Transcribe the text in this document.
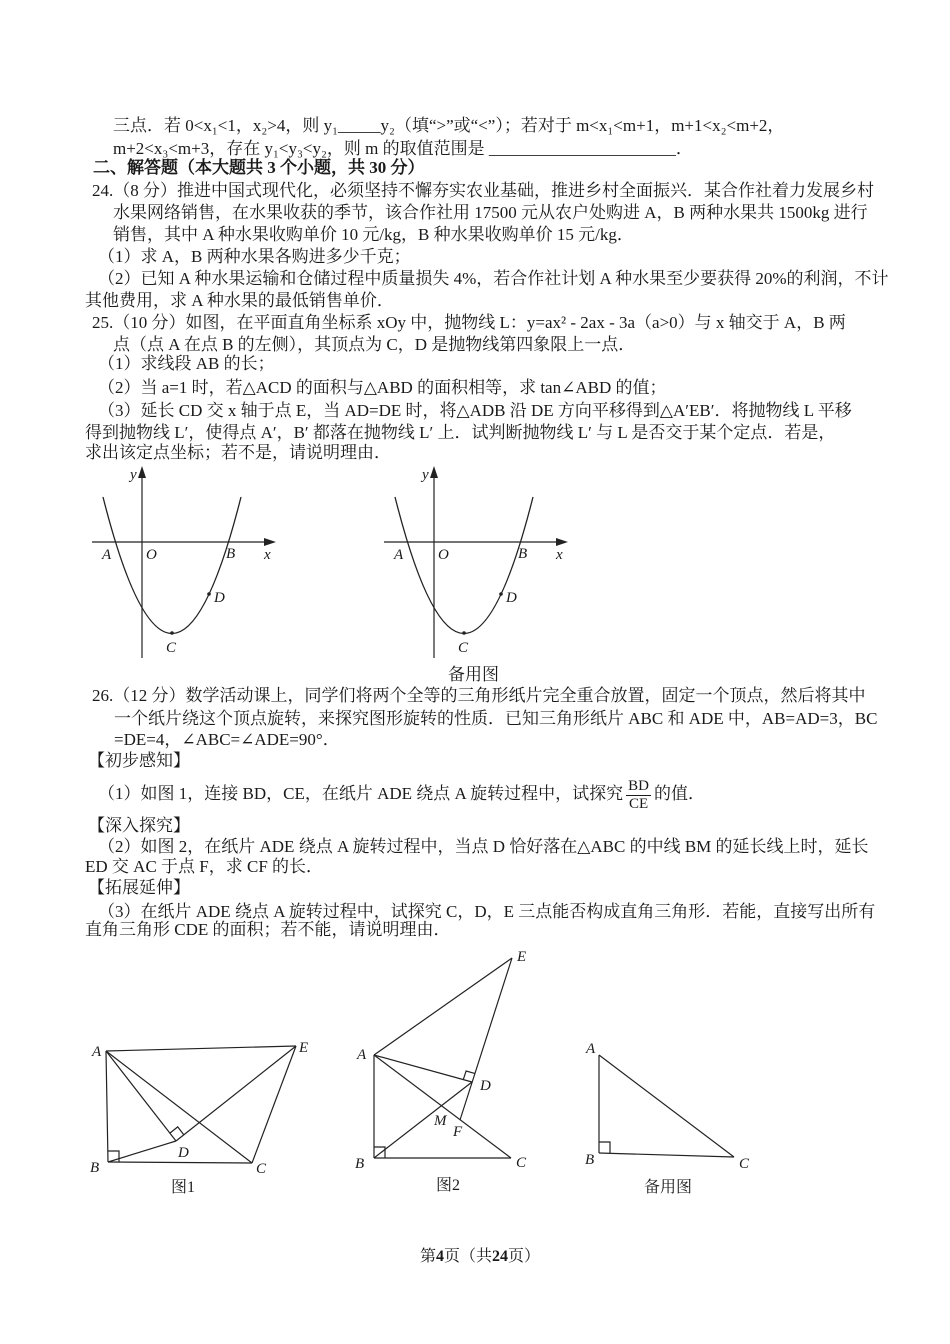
三点．若 0<x₁<1，x₂>4，则 y₁_____y₂（填“>”或“<”）；若对于 m<x₁<m+1，m+1<x₂<m+2，
m+2<x₃<m+3，存在 y₁<y₃<y₂，则 m 的取值范围是 ______________________．
二、解答题（本大题共 3 个小题，共 30 分）
24.（8 分）推进中国式现代化，必须坚持不懈夯实农业基础，推进乡村全面振兴．某合作社着力发展乡村
水果网络销售，在水果收获的季节，该合作社用 17500 元从农户处购进 A，B 两种水果共 1500kg 进行
销售，其中 A 种水果收购单价 10 元/kg，B 种水果收购单价 15 元/kg．
（1）求 A，B 两种水果各购进多少千克；
（2）已知 A 种水果运输和仓储过程中质量损失 4%，若合作社计划 A 种水果至少要获得 20%的利润，不计
其他费用，求 A 种水果的最低销售单价．
25.（10 分）如图，在平面直角坐标系 xOy 中，抛物线 L：y=ax² - 2ax - 3a（a>0）与 x 轴交于 A，B 两
点（点 A 在点 B 的左侧），其顶点为 C，D 是抛物线第四象限上一点．
（1）求线段 AB 的长；
（2）当 a=1 时，若△ACD 的面积与△ABD 的面积相等，求 tan∠ABD 的值；
（3）延长 CD 交 x 轴于点 E，当 AD=DE 时，将△ADB 沿 DE 方向平移得到△A′EB′．将抛物线 L 平移
得到抛物线 L′，使得点 A′，B′ 都落在抛物线 L′ 上．试判断抛物线 L′ 与 L 是否交于某个定点．若是，
求出该定点坐标；若不是，请说明理由．
y
x
A O	B
C
D
y
x
A O	B
C
D
备用图
26.（12 分）数学活动课上，同学们将两个全等的三角形纸片完全重合放置，固定一个顶点，然后将其中
一个纸片绕这个顶点旋转，来探究图形旋转的性质．已知三角形纸片 ABC 和 ADE 中，AB=AD=3，BC
=DE=4，∠ABC=∠ADE=90°．
【初步感知】
（1）如图 1，连接 BD，CE，在纸片 ADE 绕点 A 旋转过程中，试探究 $\frac{BD}{CE}$ 的值．
【深入探究】
（2）如图 2，在纸片 ADE 绕点 A 旋转过程中，当点 D 恰好落在△ABC 的中线 BM 的延长线上时，延长
ED 交 AC 于点 F，求 CF 的长．
【拓展延伸】
（3）在纸片 ADE 绕点 A 旋转过程中，试探究 C，D，E 三点能否构成直角三角形．若能，直接写出所有
直角三角形 CDE 的面积；若不能，请说明理由．
A
B	C
D
E
图1
A
B	C
D
E
M
F
图2
A
B	C
备用图
第4页（共24页）
